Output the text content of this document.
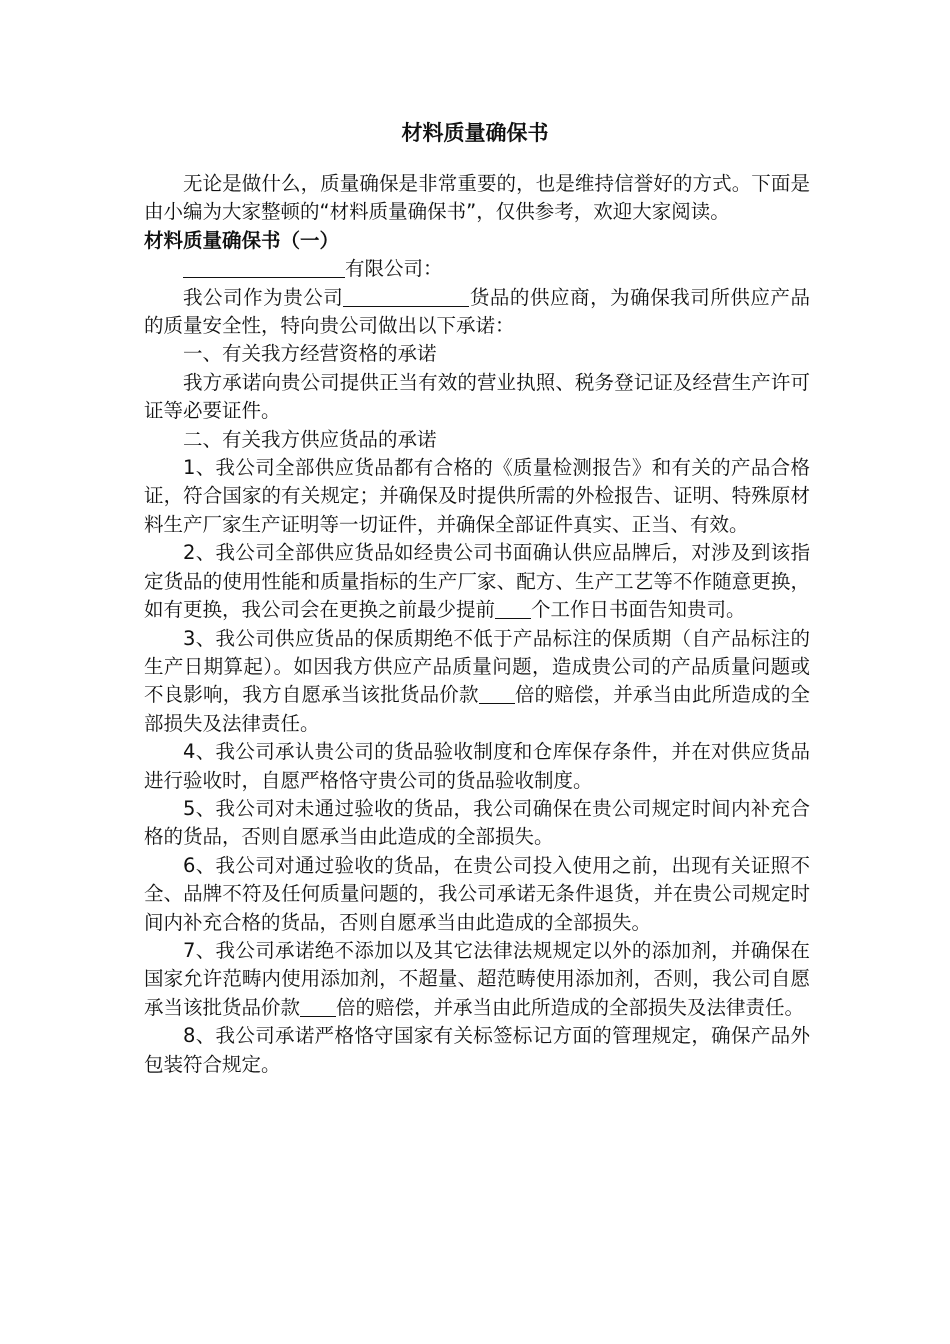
材料质量确保书

无论是做什么，质量确保是非常重要的，也是维持信誉好的方式。下面是由小编为大家整顿的“材料质量确保书”，仅供参考，欢迎大家阅读。

材料质量确保书（一）

有限公司：

我公司作为贵公司	货品的供应商，为确保我司所供应产品的质量安全性，特向贵公司做出以下承诺：

一、有关我方经营资格的承诺

我方承诺向贵公司提供正当有效的营业执照、税务登记证及经营生产许可证等必要证件。

二、有关我方供应货品的承诺

1、我公司全部供应货品都有合格的《质量检测报告》和有关的产品合格证，符合国家的有关规定；并确保及时提供所需的外检报告、证明、特殊原材料生产厂家生产证明等一切证件，并确保全部证件真实、正当、有效。

2、我公司全部供应货品如经贵公司书面确认供应品牌后，对涉及到该指定货品的使用性能和质量指标的生产厂家、配方、生产工艺等不作随意更换，如有更换，我公司会在更换之前最少提前 个工作日书面告知贵司。

3、我公司供应货品的保质期绝不低于产品标注的保质期（自产品标注的生产日期算起）。如因我方供应产品质量问题，造成贵公司的产品质量问题或不良影响，我方自愿承当该批货品价款 倍的赔偿，并承当由此所造成的全部损失及法律责任。

4、我公司承认贵公司的货品验收制度和仓库保存条件，并在对供应货品进行验收时，自愿严格恪守贵公司的货品验收制度。

5、我公司对未通过验收的货品，我公司确保在贵公司规定时间内补充合格的货品，否则自愿承当由此造成的全部损失。

6、我公司对通过验收的货品，在贵公司投入使用之前，出现有关证照不全、品牌不符及任何质量问题的，我公司承诺无条件退货，并在贵公司规定时间内补充合格的货品，否则自愿承当由此造成的全部损失。

7、我公司承诺绝不添加以及其它法律法规规定以外的添加剂，并确保在国家允许范畴内使用添加剂，不超量、超范畴使用添加剂，否则，我公司自愿承当该批货品价款 倍的赔偿，并承当由此所造成的全部损失及法律责任。

8、我公司承诺严格恪守国家有关标签标记方面的管理规定，确保产品外包装符合规定。
